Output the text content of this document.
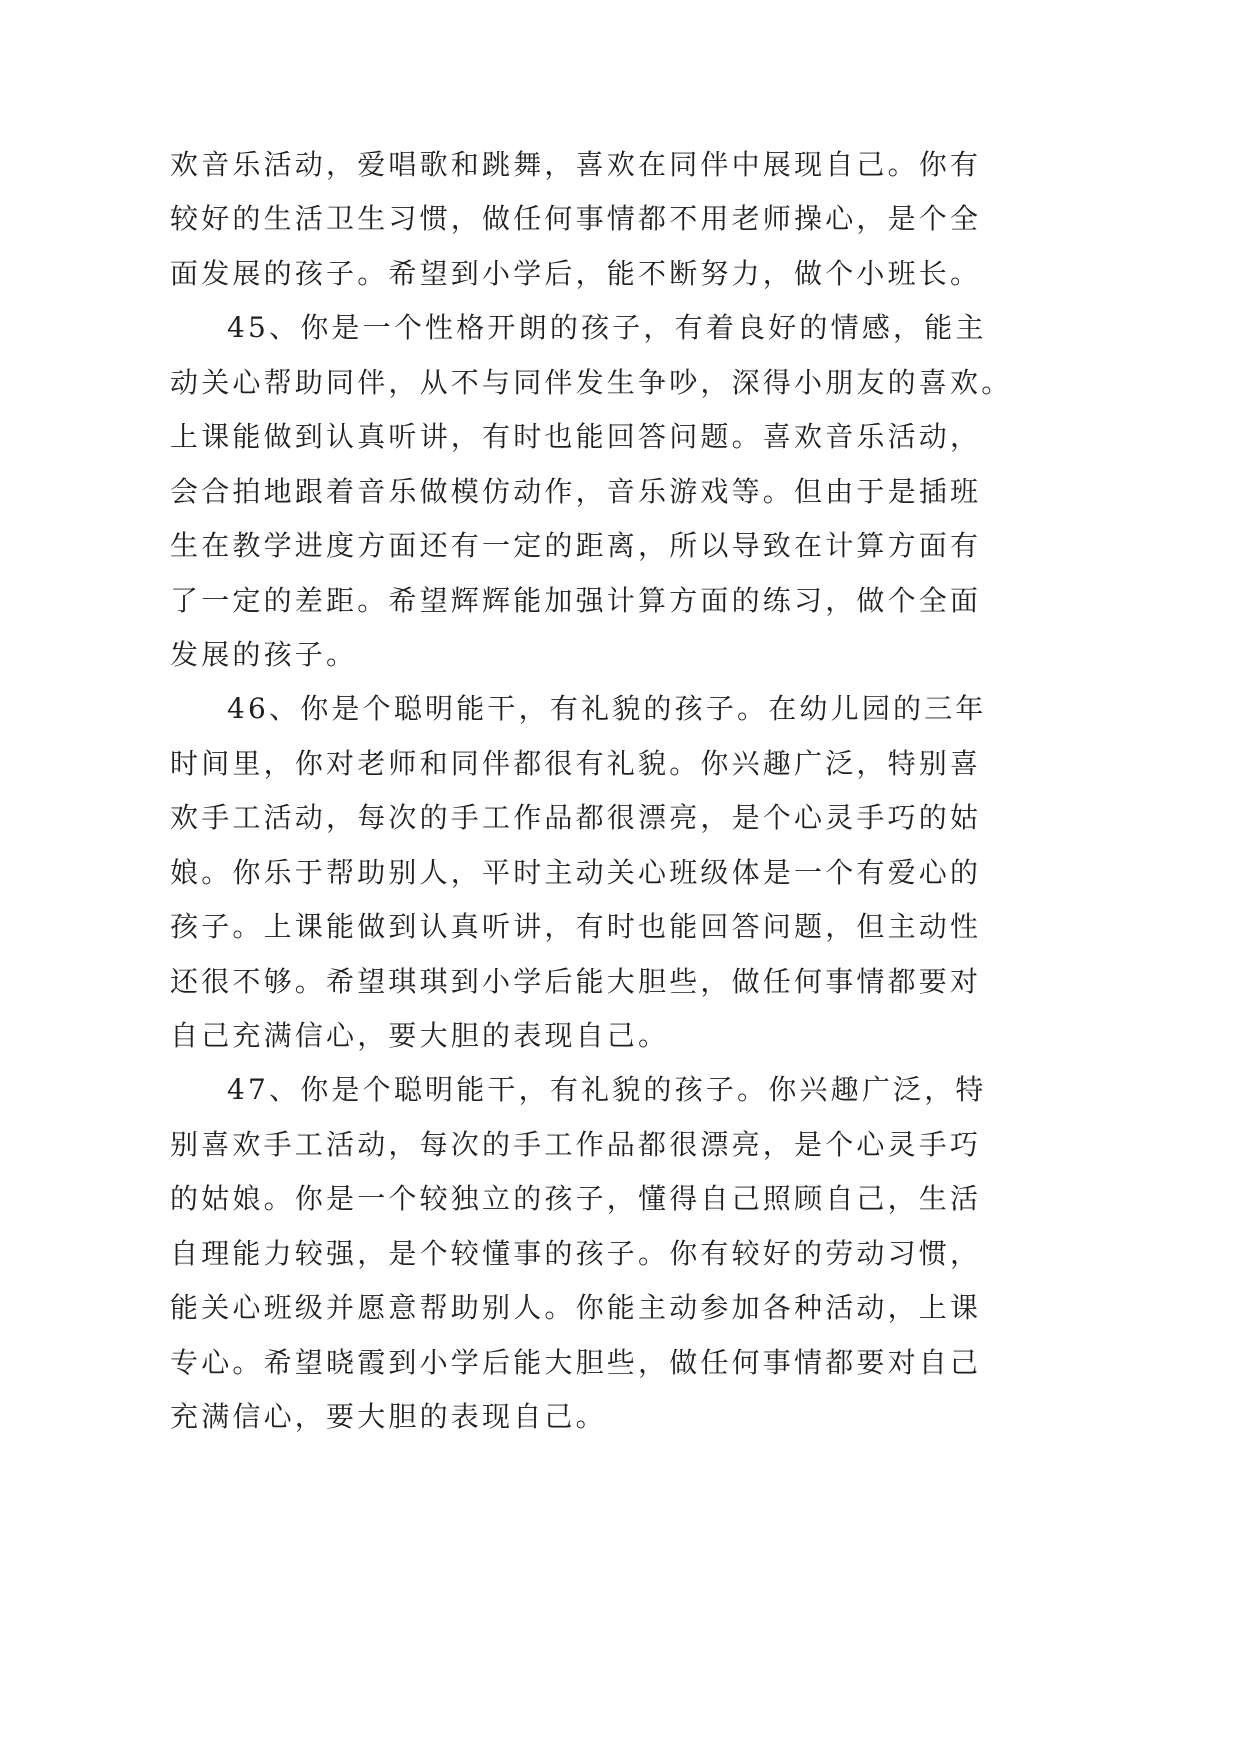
欢音乐活动，爱唱歌和跳舞，喜欢在同伴中展现自己。你有
较好的生活卫生习惯，做任何事情都不用老师操心，是个全
面发展的孩子。希望到小学后，能不断努力，做个小班长。
45、你是一个性格开朗的孩子，有着良好的情感，能主
动关心帮助同伴，从不与同伴发生争吵，深得小朋友的喜欢。
上课能做到认真听讲，有时也能回答问题。喜欢音乐活动，
会合拍地跟着音乐做模仿动作，音乐游戏等。但由于是插班
生在教学进度方面还有一定的距离，所以导致在计算方面有
了一定的差距。希望辉辉能加强计算方面的练习，做个全面
发展的孩子。
46、你是个聪明能干，有礼貌的孩子。在幼儿园的三年
时间里，你对老师和同伴都很有礼貌。你兴趣广泛，特别喜
欢手工活动，每次的手工作品都很漂亮，是个心灵手巧的姑
娘。你乐于帮助别人，平时主动关心班级体是一个有爱心的
孩子。上课能做到认真听讲，有时也能回答问题，但主动性
还很不够。希望琪琪到小学后能大胆些，做任何事情都要对
自己充满信心，要大胆的表现自己。
47、你是个聪明能干，有礼貌的孩子。你兴趣广泛，特
别喜欢手工活动，每次的手工作品都很漂亮，是个心灵手巧
的姑娘。你是一个较独立的孩子，懂得自己照顾自己，生活
自理能力较强，是个较懂事的孩子。你有较好的劳动习惯，
能关心班级并愿意帮助别人。你能主动参加各种活动，上课
专心。希望晓霞到小学后能大胆些，做任何事情都要对自己
充满信心，要大胆的表现自己。
